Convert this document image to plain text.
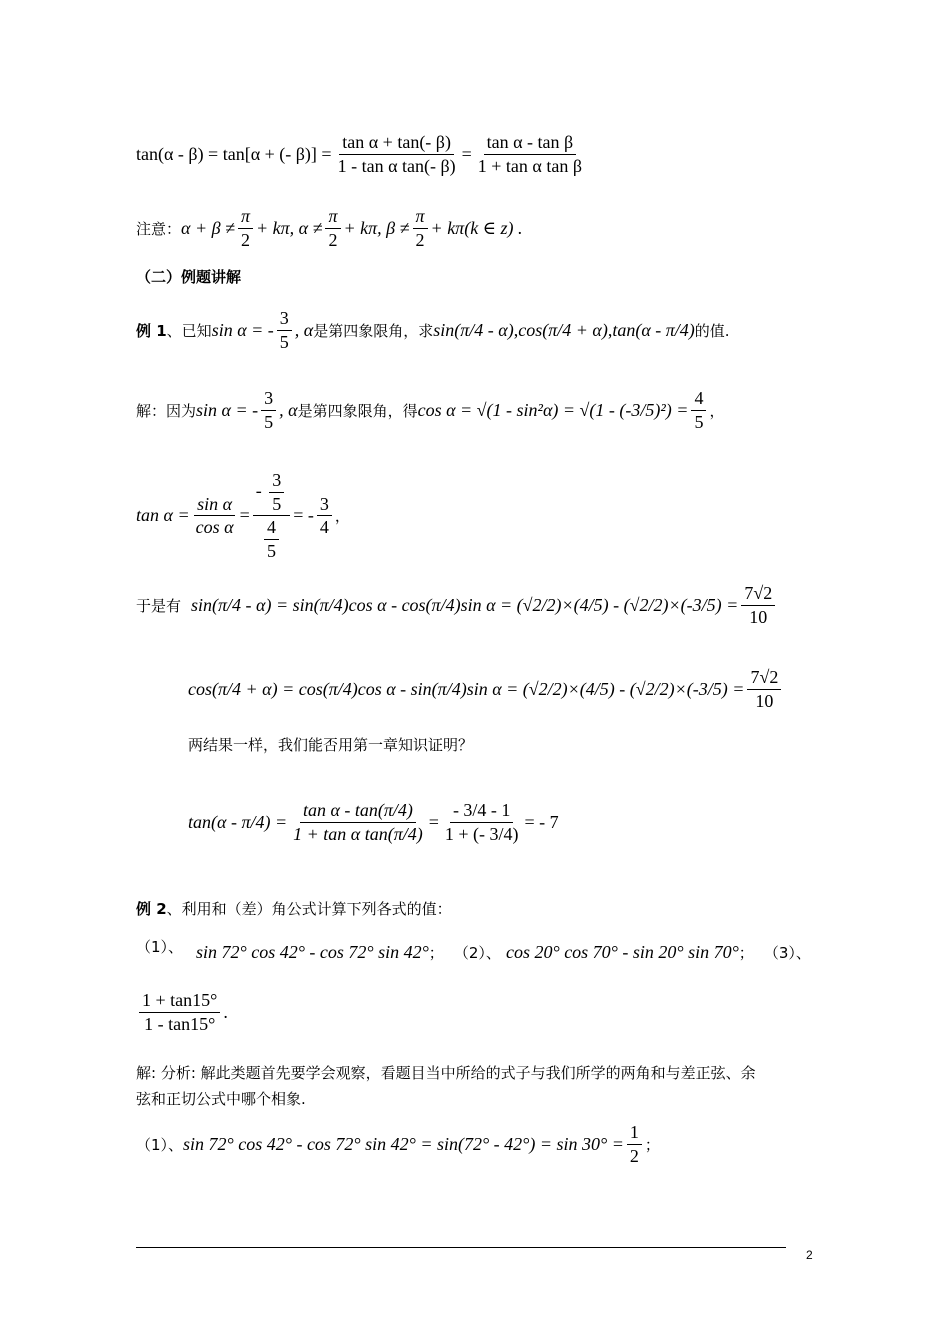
tan(α - β) = tan[α + (- $\beta)] = \frac{\text{tan α + tan(- β)}}{\text{1 - tan α tan(- β)}} = \frac{\text{tan α - tan β}}{\text{1 + tan α tan β}}$
注意： $\alpha + \beta \ne \frac{\pi}{2} + k\pi$, $\alpha \ne \frac{\pi}{2} + k\pi$, $\beta \ne \frac{\pi}{2} + k\pi(k$ ∈ z) .
（二）例题讲解
例 1 、已知 sin α = - $\frac{3}{5}$ , α 是第四象限角，求 sin(π/4 - α) , cos(π/4 + α) , tan(α - π/4) 的值.
解：因为 sin α = - $\frac{3}{5}$ , α 是第四象限角，得 $\cos \alpha = √(1 - \sin^2\alpha) = √(1 - (-3/5)^2) = \frac{4}{5}$ ，
$\tan \alpha = \frac{\text{sin α}}{\text{cos α}} = \frac{- \frac{3}{5}}{\frac{4}{5}}$ = - $\frac{3}{4}$ ，
于是有 sin(π/4 - α) = sin(π/4)cos α - cos(π/4)sin $\alpha = (√2/2)\times(4/5) - (√2/2)\times(-3/5) = \frac{7√2}{10}$
cos(π/4 + α) = cos(π/4)cos α - sin(π/4)sin $\alpha = (√2/2)\times(4/5) - (√2/2)\times(-3/5) = \frac{7√2}{10}$
两结果一样，我们能否用第一章知识证明？
$\tan(\alpha - \pi/4) = \frac{\text{tan α - tan(π/4)}}{\text{1 + tan α tan(π/4)}} = \frac{- 3/4 - 1}{1 + (- 3/4)}$ = - 7
例 2 、利用和（差）角公式计算下列各式的值：
（1）、 sin 72° cos 42° - cos 72° sin 42° ； （2）、 cos 20° cos 70° - sin 20° sin 70° ； （3）、
$\frac{1 + \tan 15^\circ}{1 - \tan 15^\circ}$ .
解: 分析: 解此类题首先要学会观察，看题目当中所给的式子与我们所学的两角和与差正弦、余
弦和正切公式中哪个相象.
（1）、 sin 72° cos 42° - cos 72° $\sin 42^\circ = \sin(72^\circ - 42^\circ) = \sin 30^\circ = \frac{1}{2}$ ；
2
